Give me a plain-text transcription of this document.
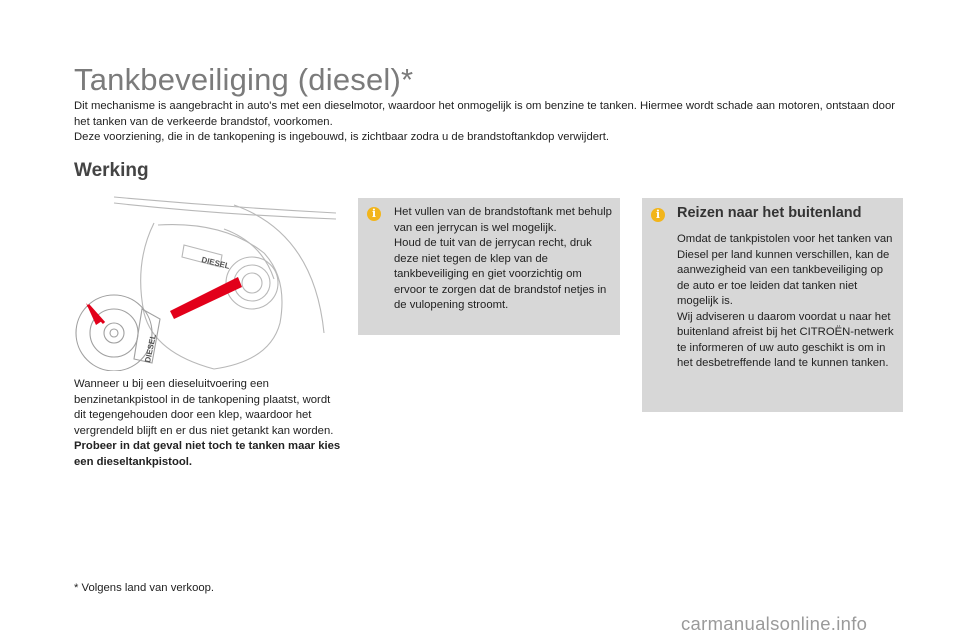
Tankbeveiliging (diesel)*

Dit mechanisme is aangebracht in auto's met een dieselmotor, waardoor het onmogelijk is om benzine te tanken. Hiermee wordt schade aan motoren, ontstaan door het tanken van de verkeerde brandstof, voorkomen.

Deze voorziening, die in de tankopening is ingebouwd, is zichtbaar zodra u de brandstoftankdop verwijdert.

Werking
DIESEL
DIESEL

Wanneer u bij een dieseluitvoering een benzinetankpistool in de tankopening plaatst, wordt dit tegengehouden door een klep, waardoor het vergrendeld blijft en er dus niet getankt kan worden.

Probeer in dat geval niet toch te tanken maar kies een dieseltankpistool.

i	Het vullen van de brandstoftank met behulp van een jerrycan is wel mogelijk.

Houd de tuit van de jerrycan recht, druk deze niet tegen de klep van de tankbeveiliging en giet voorzichtig om ervoor te zorgen dat de brandstof netjes in de vulopening stroomt.

i	Reizen naar het buitenland

Omdat de tankpistolen voor het tanken van Diesel per land kunnen verschillen, kan de aanwezigheid van een tankbeveiliging op de auto er toe leiden dat tanken niet mogelijk is.

Wij adviseren u daarom voordat u naar het buitenland afreist bij het CITROËN-netwerk te informeren of uw auto geschikt is om in het desbetreffende land te kunnen tanken.

* Volgens land van verkoop.
carmanualsonline.info
